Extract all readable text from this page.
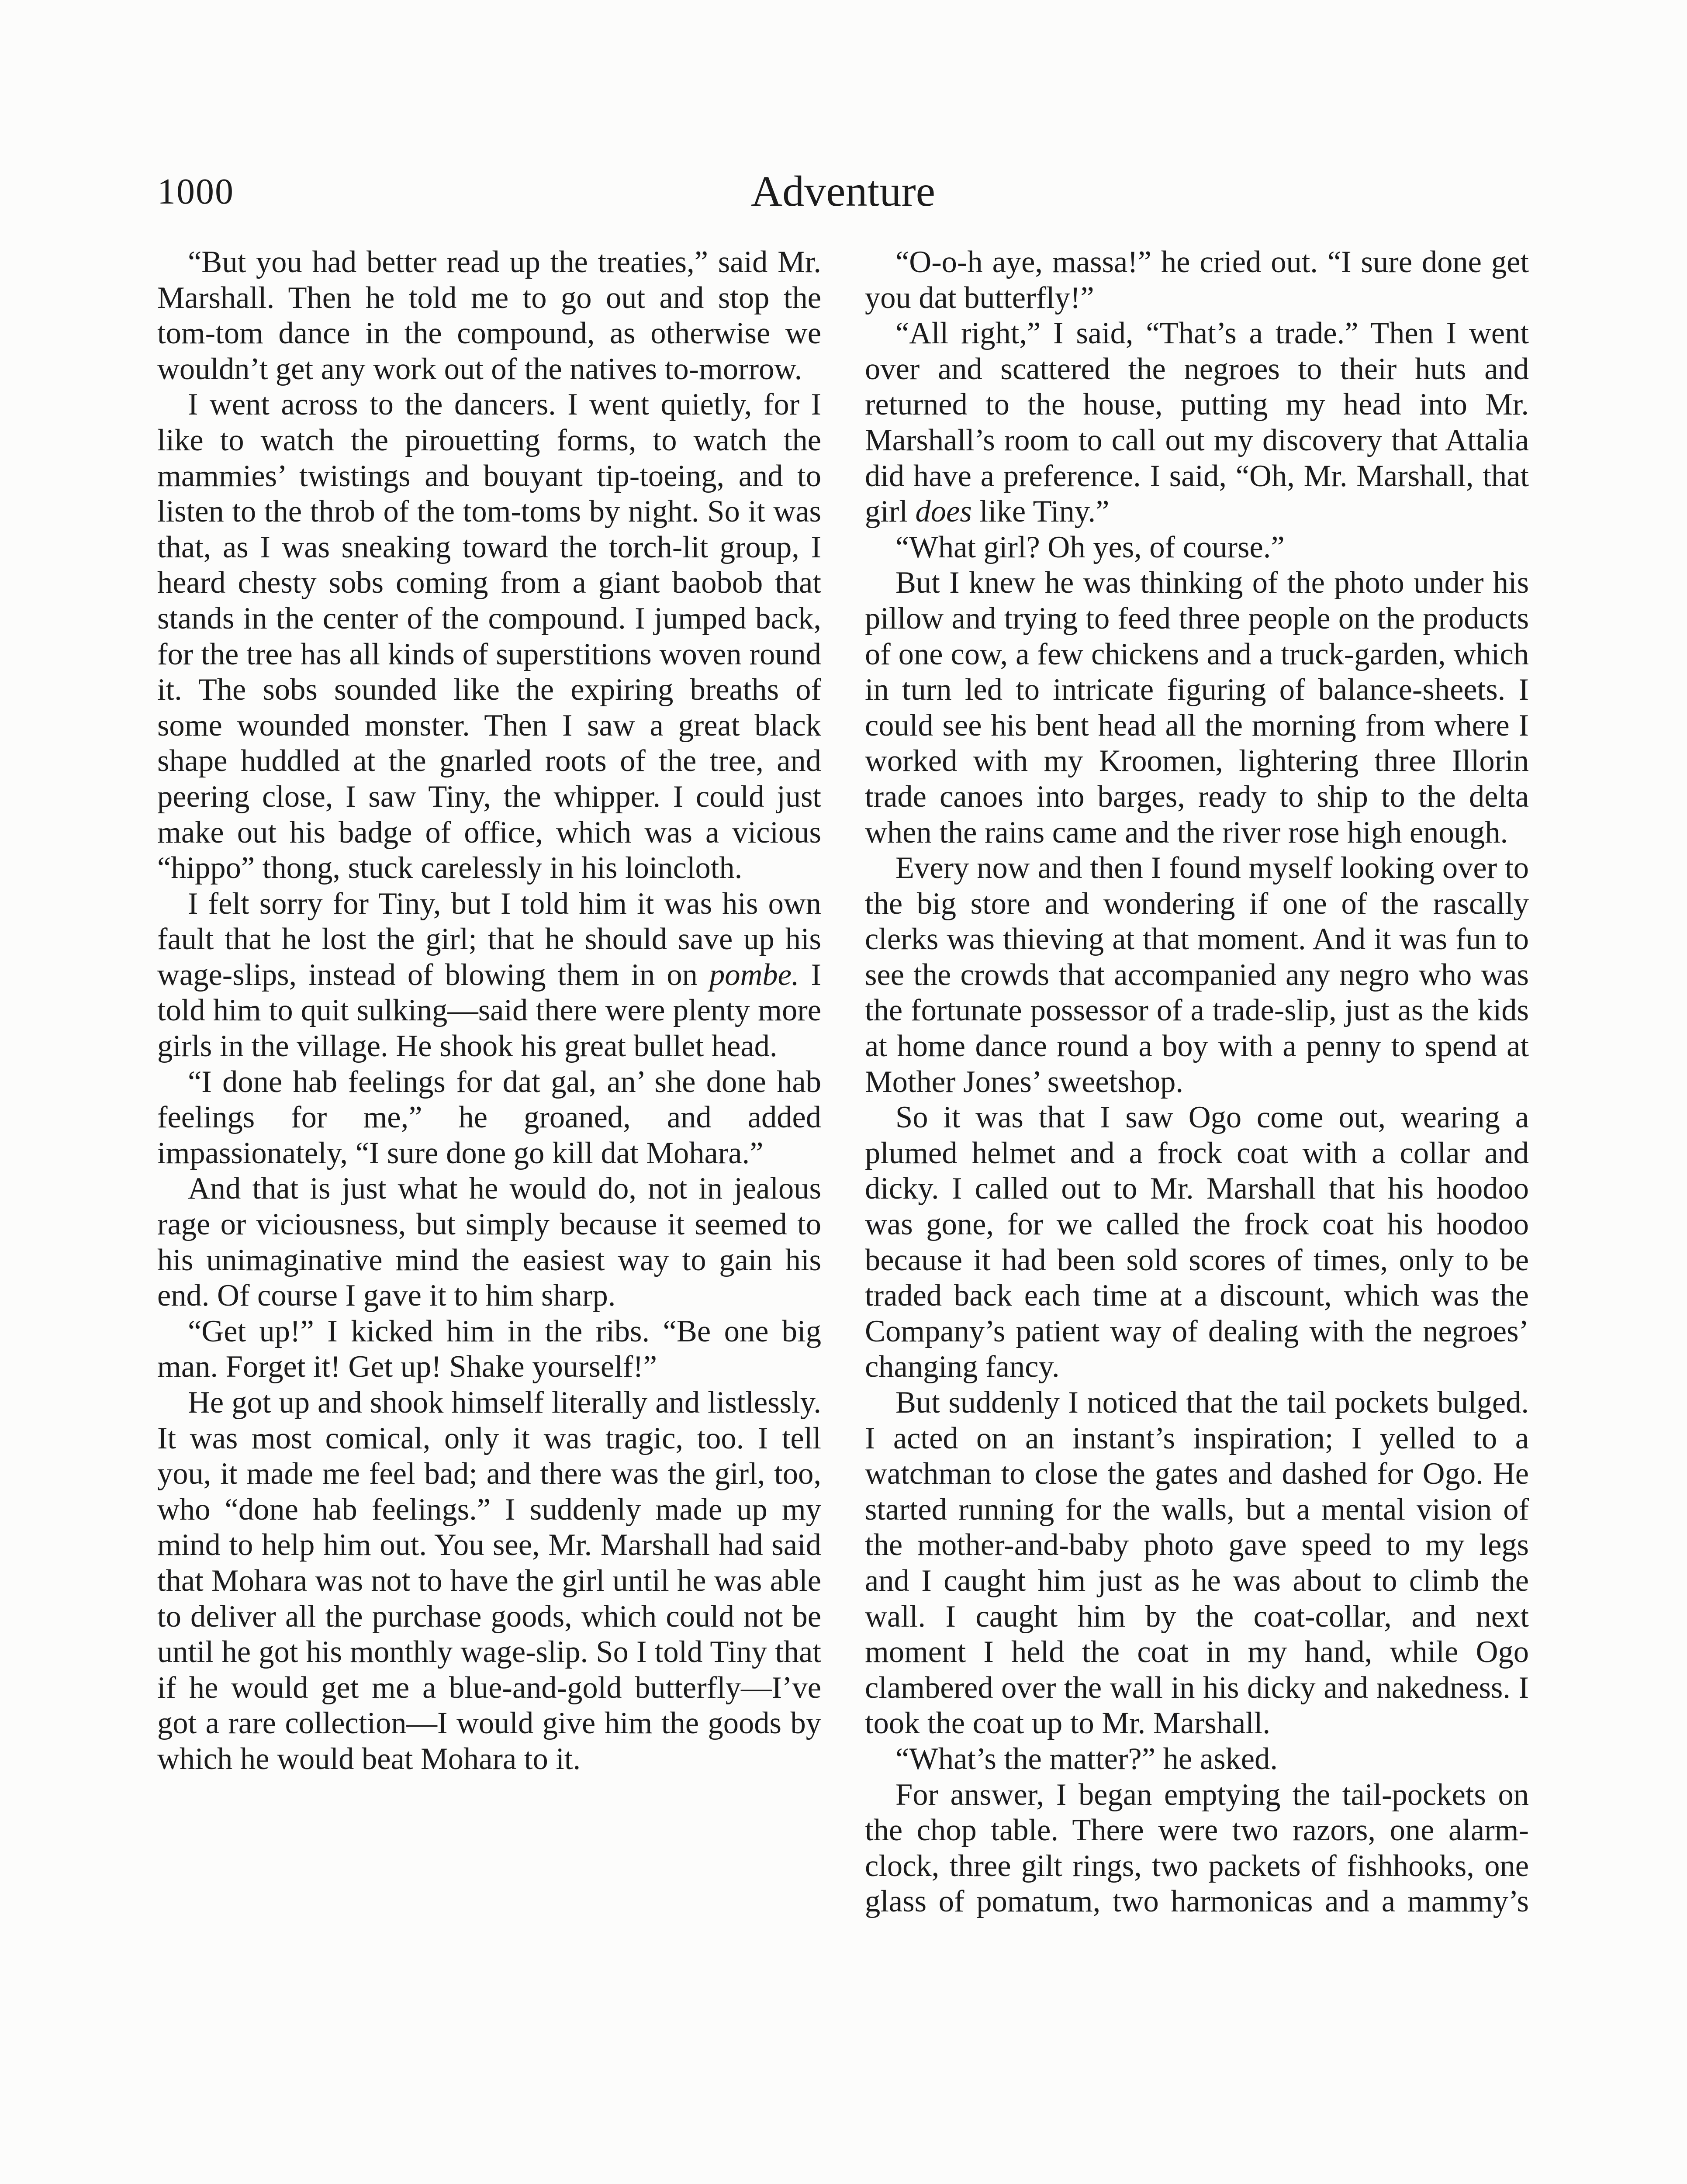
1000	Adventure

“But you had better read up the treaties,” said Mr. Marshall. Then he told me to go out and stop the tom-tom dance in the compound, as otherwise we wouldn’t get any work out of the natives to-morrow.

I went across to the dancers. I went quietly, for I like to watch the pirouetting forms, to watch the mammies’ twistings and bouyant tip-toeing, and to listen to the throb of the tom-toms by night. So it was that, as I was sneaking toward the torch-lit group, I heard chesty sobs coming from a giant baobob that stands in the center of the compound. I jumped back, for the tree has all kinds of superstitions woven round it. The sobs sounded like the expiring breaths of some wounded monster. Then I saw a great black shape huddled at the gnarled roots of the tree, and peering close, I saw Tiny, the whipper. I could just make out his badge of office, which was a vicious “hippo” thong, stuck carelessly in his loincloth.

I felt sorry for Tiny, but I told him it was his own fault that he lost the girl; that he should save up his wage-slips, instead of blowing them in on pombe. I told him to quit sulking—said there were plenty more girls in the village. He shook his great bullet head.

“I done hab feelings for dat gal, an’ she done hab feelings for me,” he groaned, and added impassionately, “I sure done go kill dat Mohara.”

And that is just what he would do, not in jealous rage or viciousness, but simply because it seemed to his unimaginative mind the easiest way to gain his end. Of course I gave it to him sharp.

“Get up!” I kicked him in the ribs. “Be one big man. Forget it! Get up! Shake yourself!”

He got up and shook himself literally and listlessly. It was most comical, only it was tragic, too. I tell you, it made me feel bad; and there was the girl, too, who “done hab feelings.” I suddenly made up my mind to help him out. You see, Mr. Marshall had said that Mohara was not to have the girl until he was able to deliver all the purchase goods, which could not be until he got his monthly wage-slip. So I told Tiny that if he would get me a blue-and-gold butterfly—I’ve got a rare collection—I would give him the goods by which he would beat Mohara to it.

“O-o-h aye, massa!” he cried out. “I sure done get you dat butterfly!”

“All right,” I said, “That’s a trade.” Then I went over and scattered the negroes to their huts and returned to the house, putting my head into Mr. Marshall’s room to call out my discovery that Attalia did have a preference. I said, “Oh, Mr. Marshall, that girl does like Tiny.”

“What girl? Oh yes, of course.”

But I knew he was thinking of the photo under his pillow and trying to feed three people on the products of one cow, a few chickens and a truck-garden, which in turn led to intricate figuring of balance-sheets. I could see his bent head all the morning from where I worked with my Kroomen, lightering three Illorin trade canoes into barges, ready to ship to the delta when the rains came and the river rose high enough.

Every now and then I found myself looking over to the big store and wondering if one of the rascally clerks was thieving at that moment. And it was fun to see the crowds that accompanied any negro who was the fortunate possessor of a trade-slip, just as the kids at home dance round a boy with a penny to spend at Mother Jones’ sweetshop.

So it was that I saw Ogo come out, wearing a plumed helmet and a frock coat with a collar and dicky. I called out to Mr. Marshall that his hoodoo was gone, for we called the frock coat his hoodoo because it had been sold scores of times, only to be traded back each time at a discount, which was the Company’s patient way of dealing with the negroes’ changing fancy.

But suddenly I noticed that the tail pockets bulged. I acted on an instant’s inspiration; I yelled to a watchman to close the gates and dashed for Ogo. He started running for the walls, but a mental vision of the mother-and-baby photo gave speed to my legs and I caught him just as he was about to climb the wall. I caught him by the coat-collar, and next moment I held the coat in my hand, while Ogo clambered over the wall in his dicky and nakedness. I took the coat up to Mr. Marshall.

“What’s the matter?” he asked.

For answer, I began emptying the tail-pockets on the chop table. There were two razors, one alarm-clock, three gilt rings, two packets of fishhooks, one glass of pomatum, two harmonicas and a mammy’s
